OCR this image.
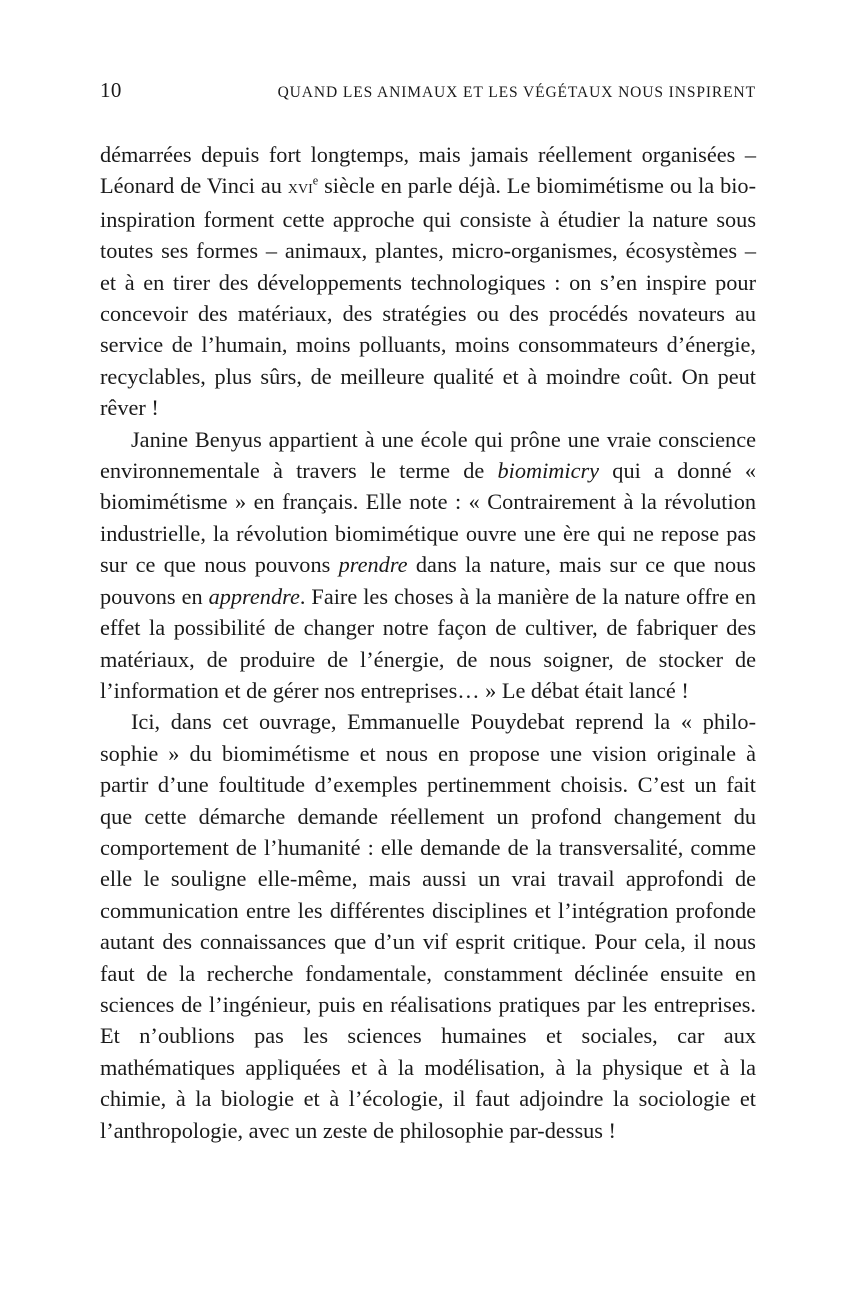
10	QUAND LES ANIMAUX ET LES VÉGÉTAUX NOUS INSPIRENT

démarrées depuis fort longtemps, mais jamais réellement organisées – Léonard de Vinci au xvi$^e$ siècle en parle déjà. Le biomimétisme ou la bio-inspiration forment cette approche qui consiste à étudier la nature sous toutes ses formes – animaux, plantes, micro-organismes, écosystèmes – et à en tirer des développements technologiques : on s’en inspire pour concevoir des matériaux, des stratégies ou des procédés novateurs au service de l’humain, moins polluants, moins consommateurs d’énergie, recyclables, plus sûrs, de meilleure qualité et à moindre coût. On peut rêver !

Janine Benyus appartient à une école qui prône une vraie conscience environnementale à travers le terme de biomimicry qui a donné « biomimétisme » en français. Elle note : « Contrairement à la révolution industrielle, la révolution biomimétique ouvre une ère qui ne repose pas sur ce que nous pouvons prendre dans la nature, mais sur ce que nous pouvons en apprendre. Faire les choses à la manière de la nature offre en effet la possibilité de changer notre façon de cultiver, de fabriquer des matériaux, de produire de l’énergie, de nous soigner, de stocker de l’information et de gérer nos entreprises… » Le débat était lancé !

Ici, dans cet ouvrage, Emmanuelle Pouydebat reprend la « philosophie » du biomimétisme et nous en propose une vision originale à partir d’une foultitude d’exemples pertinemment choisis. C’est un fait que cette démarche demande réellement un profond changement du comportement de l’humanité : elle demande de la transversalité, comme elle le souligne elle-même, mais aussi un vrai travail approfondi de communication entre les différentes disciplines et l’intégration profonde autant des connaissances que d’un vif esprit critique. Pour cela, il nous faut de la recherche fondamentale, constamment déclinée ensuite en sciences de l’ingénieur, puis en réalisations pratiques par les entreprises. Et n’oublions pas les sciences humaines et sociales, car aux mathématiques appliquées et à la modélisation, à la physique et à la chimie, à la biologie et à l’écologie, il faut adjoindre la sociologie et l’anthropologie, avec un zeste de philosophie par-dessus !
